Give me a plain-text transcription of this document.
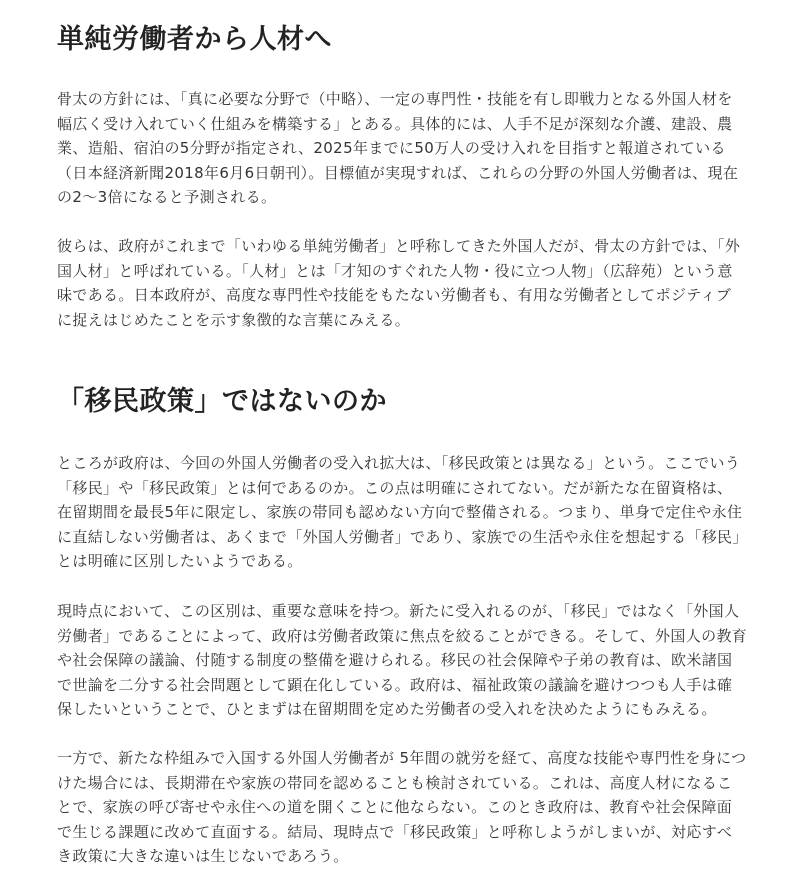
単純労働者から人材へ
骨太の方針には、「真に必要な分野で（中略）、一定の専門性・技能を有し即戦力となる外国人材を
幅広く受け入れていく仕組みを構築する」とある。具体的には、人手不足が深刻な介護、建設、農
業、造船、宿泊の5分野が指定され、2025年までに50万人の受け入れを目指すと報道されている
（日本経済新聞2018年6月6日朝刊）。目標値が実現すれば、これらの分野の外国人労働者は、現在
の2〜3倍になると予測される。
彼らは、政府がこれまで「いわゆる単純労働者」と呼称してきた外国人だが、骨太の方針では、「外
国人材」と呼ばれている。「人材」とは「才知のすぐれた人物・役に立つ人物」（広辞苑）という意
味である。日本政府が、高度な専門性や技能をもたない労働者も、有用な労働者としてポジティブ
に捉えはじめたことを示す象徴的な言葉にみえる。
「移民政策」ではないのか
ところが政府は、今回の外国人労働者の受入れ拡大は、「移民政策とは異なる」という。ここでいう
「移民」や「移民政策」とは何であるのか。この点は明確にされてない。だが新たな在留資格は、
在留期間を最長5年に限定し、家族の帯同も認めない方向で整備される。つまり、単身で定住や永住
に直結しない労働者は、あくまで「外国人労働者」であり、家族での生活や永住を想起する「移民」
とは明確に区別したいようである。
現時点において、この区別は、重要な意味を持つ。新たに受入れるのが、「移民」ではなく「外国人
労働者」であることによって、政府は労働者政策に焦点を絞ることができる。そして、外国人の教育
や社会保障の議論、付随する制度の整備を避けられる。移民の社会保障や子弟の教育は、欧米諸国
で世論を二分する社会問題として顕在化している。政府は、福祉政策の議論を避けつつも人手は確
保したいということで、ひとまずは在留期間を定めた労働者の受入れを決めたようにもみえる。
一方で、新たな枠組みで入国する外国人労働者が 5年間の就労を経て、高度な技能や専門性を身につ
けた場合には、長期滞在や家族の帯同を認めることも検討されている。これは、高度人材になるこ
とで、家族の呼び寄せや永住への道を開くことに他ならない。このとき政府は、教育や社会保障面
で生じる課題に改めて直面する。結局、現時点で「移民政策」と呼称しようがしまいが、対応すべ
き政策に大きな違いは生じないであろう。
